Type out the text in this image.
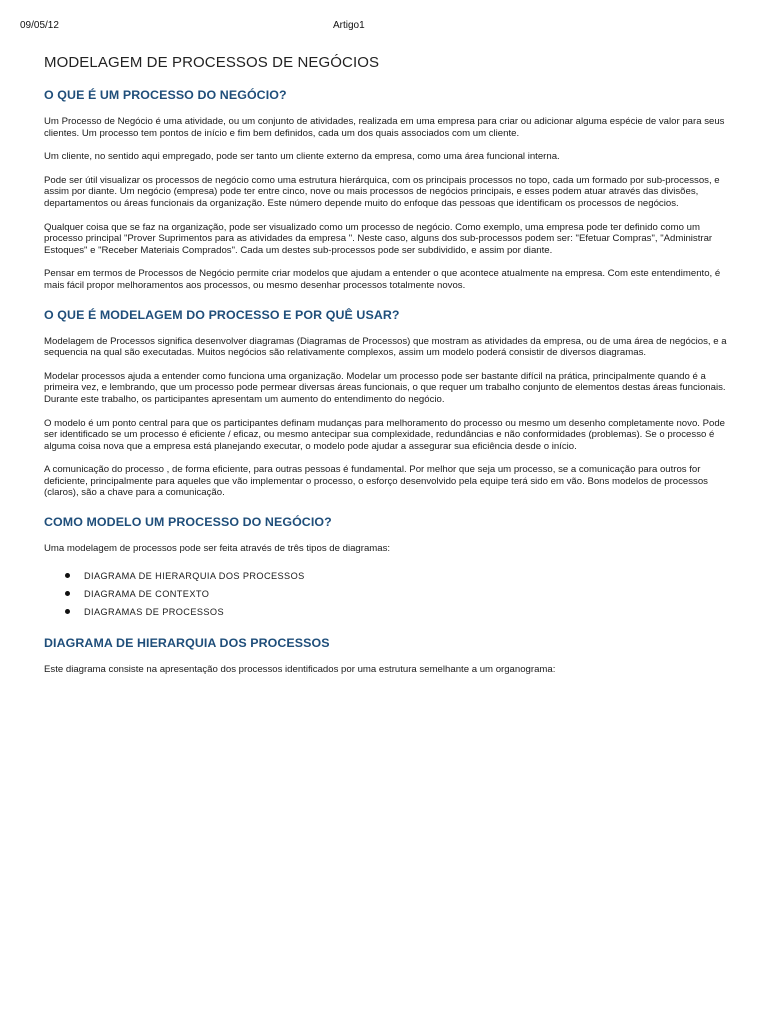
09/05/12	Artigo1
MODELAGEM DE PROCESSOS DE NEGÓCIOS
O QUE É UM PROCESSO DO NEGÓCIO?

Um Processo de Negócio é uma atividade, ou um conjunto de atividades, realizada em uma empresa para criar ou adicionar alguma espécie de valor para seus clientes. Um processo tem pontos de início e fim bem definidos, cada um dos quais associados com um cliente.

Um cliente, no sentido aqui empregado, pode ser tanto um cliente externo da empresa, como uma área funcional interna.

Pode ser útil visualizar os processos de negócio como uma estrutura hierárquica, com os principais processos no topo, cada um formado por sub-processos, e assim por diante. Um negócio (empresa) pode ter entre cinco, nove ou mais processos de negócios principais, e esses podem atuar através das divisões, departamentos ou áreas funcionais da organização. Este número depende muito do enfoque das pessoas que identificam os processos de negócios.

Qualquer coisa que se faz na organização, pode ser visualizado como um processo de negócio. Como exemplo, uma empresa pode ter definido como um processo principal "Prover Suprimentos para as atividades da empresa ". Neste caso, alguns dos sub-processos podem ser: "Efetuar Compras", "Administrar Estoques" e "Receber Materiais Comprados". Cada um destes sub-processos pode ser subdividido, e assim por diante.

Pensar em termos de Processos de Negócio permite criar modelos que ajudam a entender o que acontece atualmente na empresa. Com este entendimento, é mais fácil propor melhoramentos aos processos, ou mesmo desenhar processos totalmente novos.

O QUE É MODELAGEM DO PROCESSO E POR QUÊ USAR?

Modelagem de Processos significa desenvolver diagramas (Diagramas de Processos) que mostram as atividades da empresa, ou de uma área de negócios, e a sequencia na qual são executadas. Muitos negócios são relativamente complexos, assim um modelo poderá consistir de diversos diagramas.

Modelar processos ajuda a entender como funciona uma organização. Modelar um processo pode ser bastante difícil na prática, principalmente quando é a primeira vez, e lembrando, que um processo pode permear diversas áreas funcionais, o que requer um trabalho conjunto de elementos destas áreas funcionais. Durante este trabalho, os participantes apresentam um aumento do entendimento do negócio.

O modelo é um ponto central para que os participantes definam mudanças para melhoramento do processo ou mesmo um desenho completamente novo. Pode ser identificado se um processo é eficiente / eficaz, ou mesmo antecipar sua complexidade, redundâncias e não conformidades (problemas). Se o processo é alguma coisa nova que a empresa está planejando executar, o modelo pode ajudar a assegurar sua eficiência desde o início.

A comunicação do processo , de forma eficiente, para outras pessoas é fundamental. Por melhor que seja um processo, se a comunicação para outros for deficiente, principalmente para aqueles que vão implementar o processo, o esforço desenvolvido pela equipe terá sido em vão. Bons modelos de processos (claros), são a chave para a comunicação.

COMO MODELO UM PROCESSO DO NEGÓCIO?

Uma modelagem de processos pode ser feita através de três tipos de diagramas:

DIAGRAMA DE HIERARQUIA DOS PROCESSOS
DIAGRAMA DE CONTEXTO
DIAGRAMAS DE PROCESSOS
DIAGRAMA DE HIERARQUIA DOS PROCESSOS

Este diagrama consiste na apresentação dos processos identificados por uma estrutura semelhante a um organograma:
